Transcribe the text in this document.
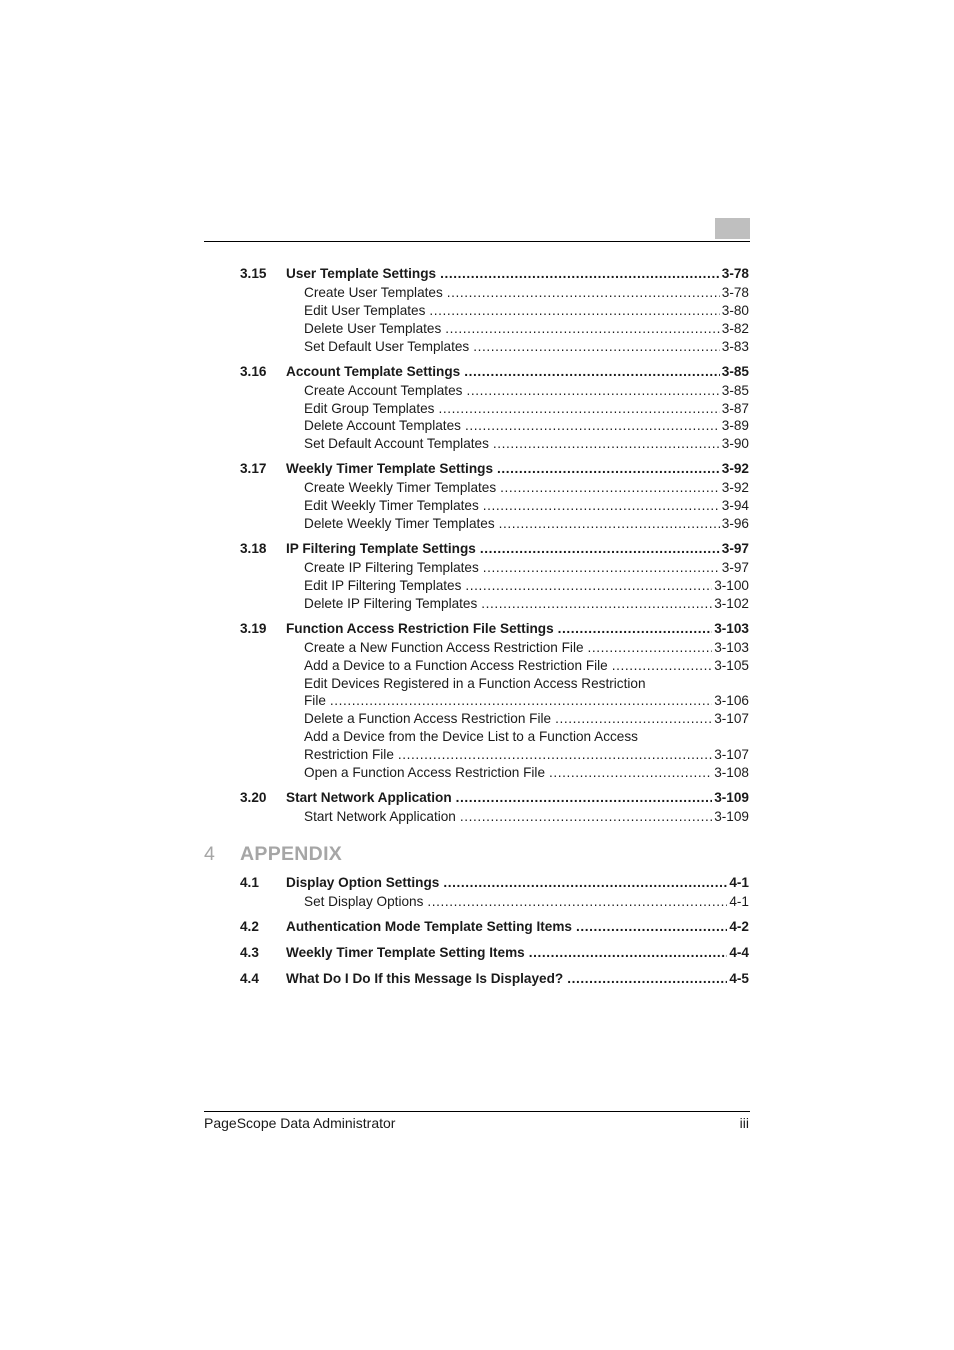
3.15	User Template Settings .....	3-78
Create User Templates .....	3-78
Edit User Templates .....	3-80
Delete User Templates .....	3-82
Set Default User Templates .....	3-83
3.16	Account Template Settings .....	3-85
Create Account Templates .....	3-85
Edit Group Templates .....	3-87
Delete Account Templates .....	3-89
Set Default Account Templates .....	3-90
3.17	Weekly Timer Template Settings .....	3-92
Create Weekly Timer Templates .....	3-92
Edit Weekly Timer Templates .....	3-94
Delete Weekly Timer Templates .....	3-96
3.18	IP Filtering Template Settings .....	3-97
Create IP Filtering Templates .....	3-97
Edit IP Filtering Templates .....	3-100
Delete IP Filtering Templates .....	3-102
3.19	Function Access Restriction File Settings .....	3-103
Create a New Function Access Restriction File .....	3-103
Add a Device to a Function Access Restriction File .....	3-105
Edit Devices Registered in a Function Access Restriction
File .....	3-106
Delete a Function Access Restriction File .....	3-107
Add a Device from the Device List to a Function Access
Restriction File .....	3-107
Open a Function Access Restriction File .....	3-108
3.20	Start Network Application .....	3-109
Start Network Application .....	3-109
4	APPENDIX
4.1	Display Option Settings .....	4-1
Set Display Options .....	4-1
4.2	Authentication Mode Template Setting Items .....	4-2
4.3	Weekly Timer Template Setting Items .....	4-4
4.4	What Do I Do If this Message Is Displayed? .....	4-5
PageScope Data Administrator	iii
